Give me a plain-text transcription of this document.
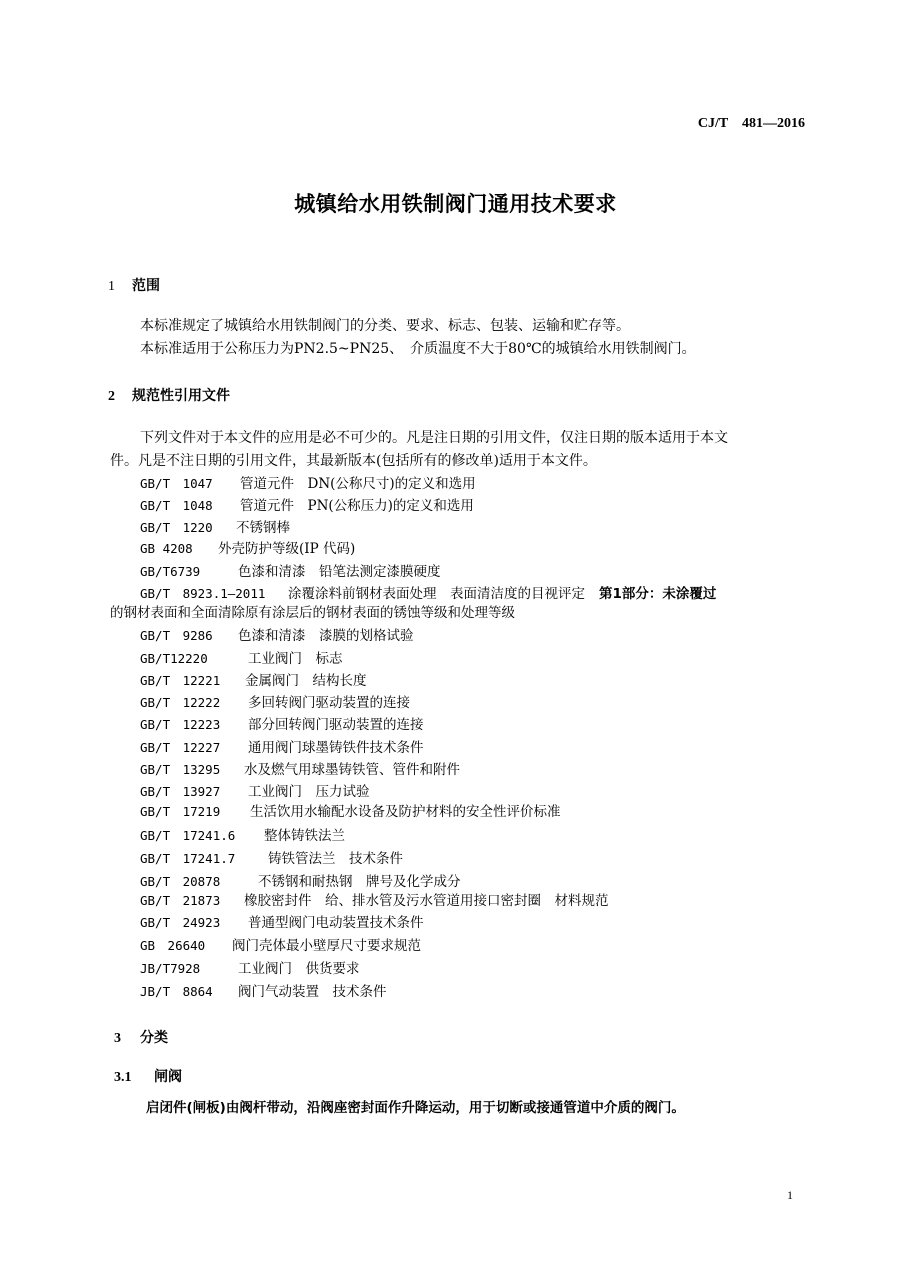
CJ/T　481—2016
城镇给水用铁制阀门通用技术要求
1 范围
本标准规定了城镇给水用铁制阀门的分类、要求、标志、包装、运输和贮存等。
本标准适用于公称压力为PN2.5~PN25、　介质温度不大于80℃的城镇给水用铁制阀门。
2 规范性引用文件
下列文件对于本文件的应用是必不可少的。凡是注日期的引用文件，仅注日期的版本适用于本文
件。凡是不注日期的引用文件，其最新版本(包括所有的修改单)适用于本文件。
GB/T　1047 管道元件　DN(公称尺寸)的定义和选用
GB/T　1048 管道元件　PN(公称压力)的定义和选用
GB/T　1220 不锈钢棒
GB 4208 外壳防护等级(IP 代码)
GB/T6739	色漆和清漆　铅笔法测定漆膜硬度
GB/T　8923.1—2011 涂覆涂料前钢材表面处理　表面清洁度的目视评定 第1部分：未涂覆过
的钢材表面和全面清除原有涂层后的钢材表面的锈蚀等级和处理等级
GB/T　9286 色漆和清漆　漆膜的划格试验
GB/T12220	工业阀门　标志
GB/T　12221 金属阀门　结构长度
GB/T　12222 多回转阀门驱动装置的连接
GB/T　12223 部分回转阀门驱动装置的连接
GB/T　12227 通用阀门球墨铸铁件技术条件
GB/T　13295 水及燃气用球墨铸铁管、管件和附件
GB/T　13927 工业阀门　压力试验
GB/T　17219 生活饮用水输配水设备及防护材料的安全性评价标准
GB/T　17241.6 整体铸铁法兰
GB/T　17241.7 铸铁管法兰　技术条件
GB/T　20878	不锈钢和耐热钢　牌号及化学成分
GB/T　21873 橡胶密封件　给、排水管及污水管道用接口密封圈　材料规范
GB/T　24923 普通型阀门电动装置技术条件
GB　26640 阀门壳体最小壁厚尺寸要求规范
JB/T7928	工业阀门　供货要求
JB/T　8864 阀门气动装置　技术条件
3 分类
3.1 闸阀
启闭件(闸板)由阀杆带动，沿阀座密封面作升降运动，用于切断或接通管道中介质的阀门。
1
